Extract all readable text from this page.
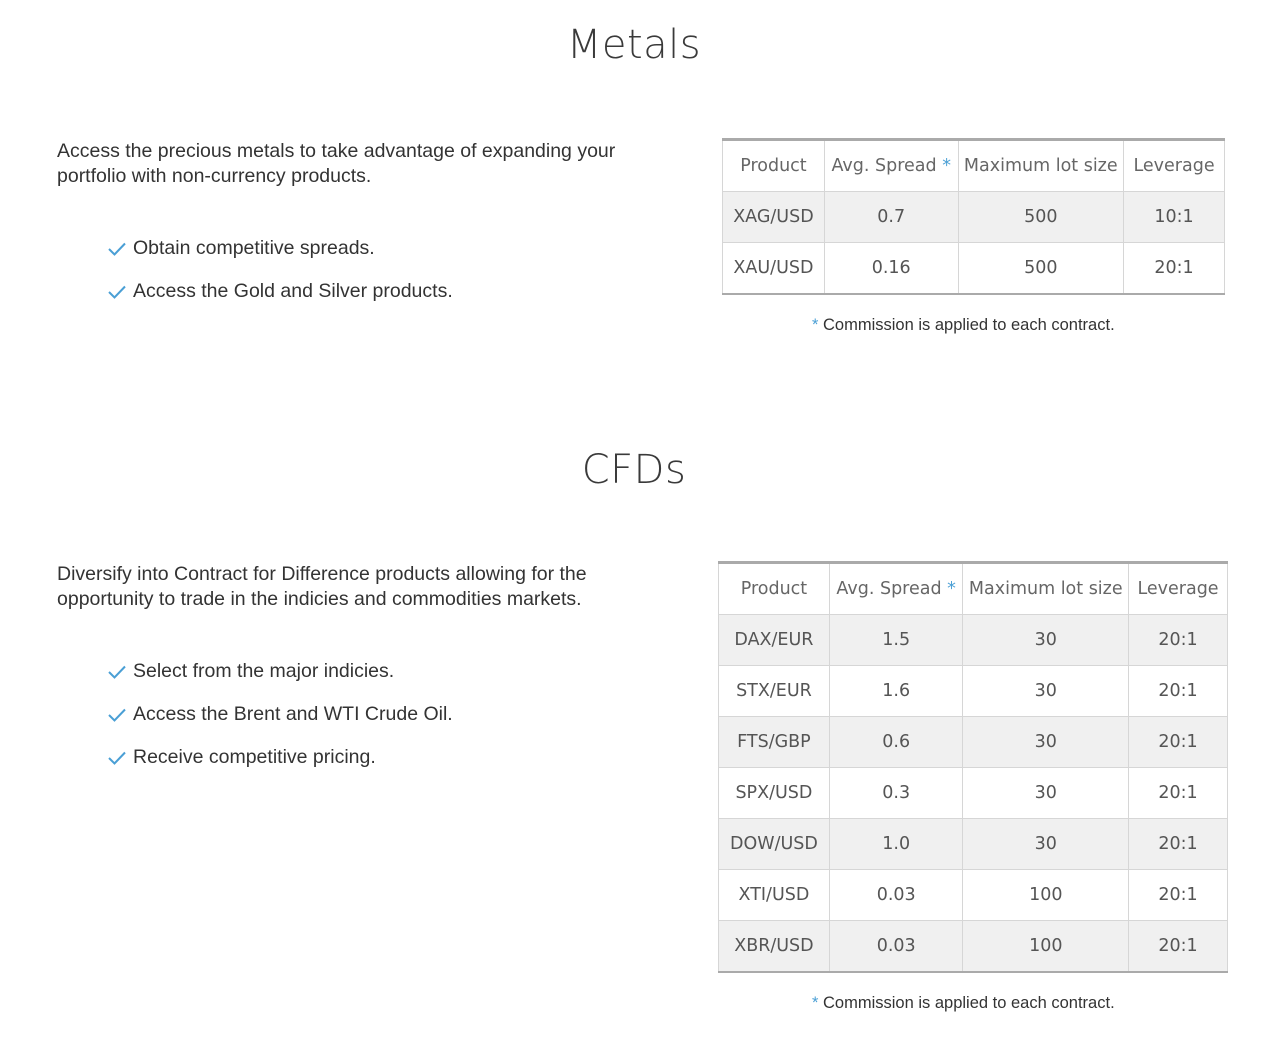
Metals
Access the precious metals to take advantage of expanding your portfolio with non-currency products.
Obtain competitive spreads.
Access the Gold and Silver products.
Product	Avg. Spread *	Maximum lot size	Leverage
XAG/USD	0.7	500	10:1
XAU/USD	0.16	500	20:1
* Commission is applied to each contract.
CFDs
Diversify into Contract for Difference products allowing for the opportunity to trade in the indicies and commodities markets.
Select from the major indicies.
Access the Brent and WTI Crude Oil.
Receive competitive pricing.
Product	Avg. Spread *	Maximum lot size	Leverage
DAX/EUR	1.5	30	20:1
STX/EUR	1.6	30	20:1
FTS/GBP	0.6	30	20:1
SPX/USD	0.3	30	20:1
DOW/USD	1.0	30	20:1
XTI/USD	0.03	100	20:1
XBR/USD	0.03	100	20:1
* Commission is applied to each contract.
